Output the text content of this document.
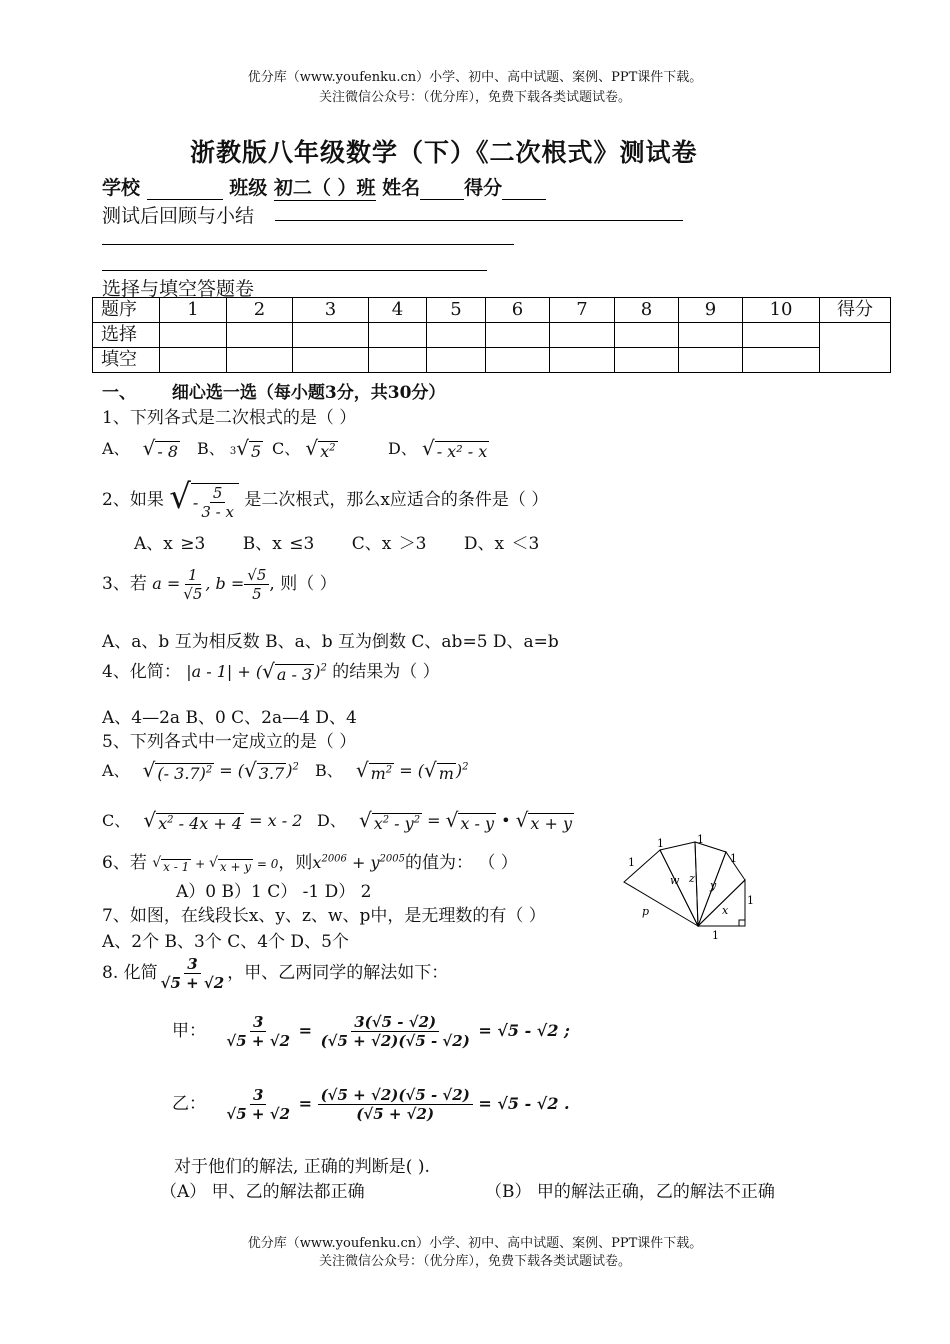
优分库（www.youfenku.cn）小学、初中、高中试题、案例、PPT课件下载。
关注微信公众号：（优分库），免费下载各类试题试卷。
浙教版八年级数学（下）《二次根式》测试卷
学校	班级 初二（ ）班 姓名 得分
测试后回顾与小结
选择与填空答题卷
题序	1	2	3	4	5	6	7	8	9	10	得分
选择											
填空											
一、 细心选一选（每小题3分，共30分）
1、下列各式是二次根式的是（ ）
A、 √ - 8 B、 $^3$ √ 5 C、 √ $x^2$	D、 √ - x² - x
2、如果 √ - $\frac{5}{3 - x}$ 是二次根式，那么x应适合的条件是（ ）
A、x ≥3 B、x ≤3 C、x ＞3 D、x ＜3
3、若 $a = \frac{1}{√5}$ , $b = \frac{√5}{5}$ , 则（ ）
A、a、b 互为相反数 B、a、b 互为倒数 C、ab=5 D、a=b
4、化简： |a - 1| + ( √ a - 3 )$^2$ 的结果为（ ）
A、4—2a B、0 C、2a—4 D、4
5、下列各式中一定成立的是（ ）
A、 √ (- 3.7)$^2$ = ( √ 3.7 )$^2$ B、 √ $m^2$ = ( √ m )$^2$
C、 √ $x^2 - 4x + 4 = x - 2$ D、 √ $x^2 - y^2$ = √ x - y • √ x + y
6、若 √ x - 1 + √ x + y = 0，则$x^{2006} + y^{2005}$的值为： （ ）
A）0 B）1 C） -1 D） 2
7、如图，在线段长x、y、z、w、p中，是无理数的有（ ）
A、2个 B、3个 C、4个 D、5个
1
1	1
1
w z
y
x
p
1
1
8. 化简 $\frac{3}{√5 + √2}$ ，甲、乙两同学的解法如下：
甲： $\frac{3}{√5 + √2} = \frac{3(√5 - √2)}{(√5 + √2)(√5 - √2)} = √5 - √2$ ;
乙： $\frac{3}{√5 + √2} = \frac{(√5 + √2)(√5 - √2)}{(√5 + √2)} = √5 - √2$ .
对于他们的解法, 正确的判断是( ).
（A） 甲、乙的解法都正确	（B） 甲的解法正确，乙的解法不正确
优分库（www.youfenku.cn）小学、初中、高中试题、案例、PPT课件下载。
关注微信公众号：（优分库），免费下载各类试题试卷。
